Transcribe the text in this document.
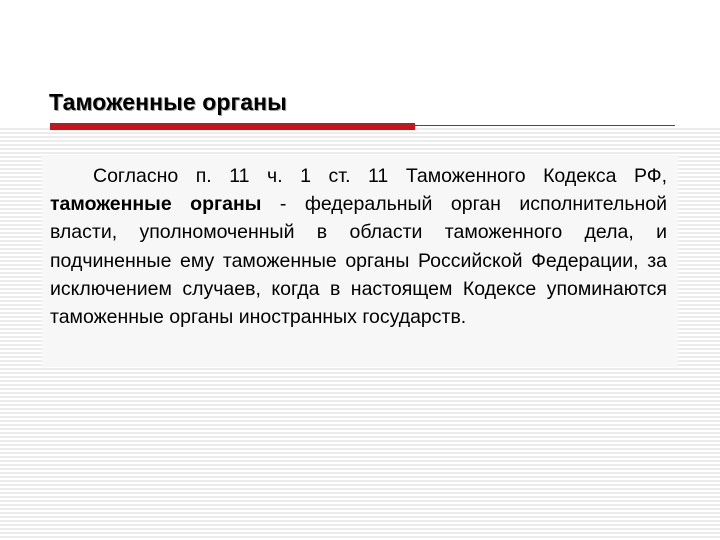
Таможенные органы
Согласно п. 11 ч. 1 ст. 11 Таможенного Кодекса РФ, таможенные органы - федеральный орган исполнительной власти, уполномоченный в области таможенного дела, и подчиненные ему таможенные органы Российской Федерации, за исключением случаев, когда в настоящем Кодексе упоминаются таможенные органы иностранных государств.
